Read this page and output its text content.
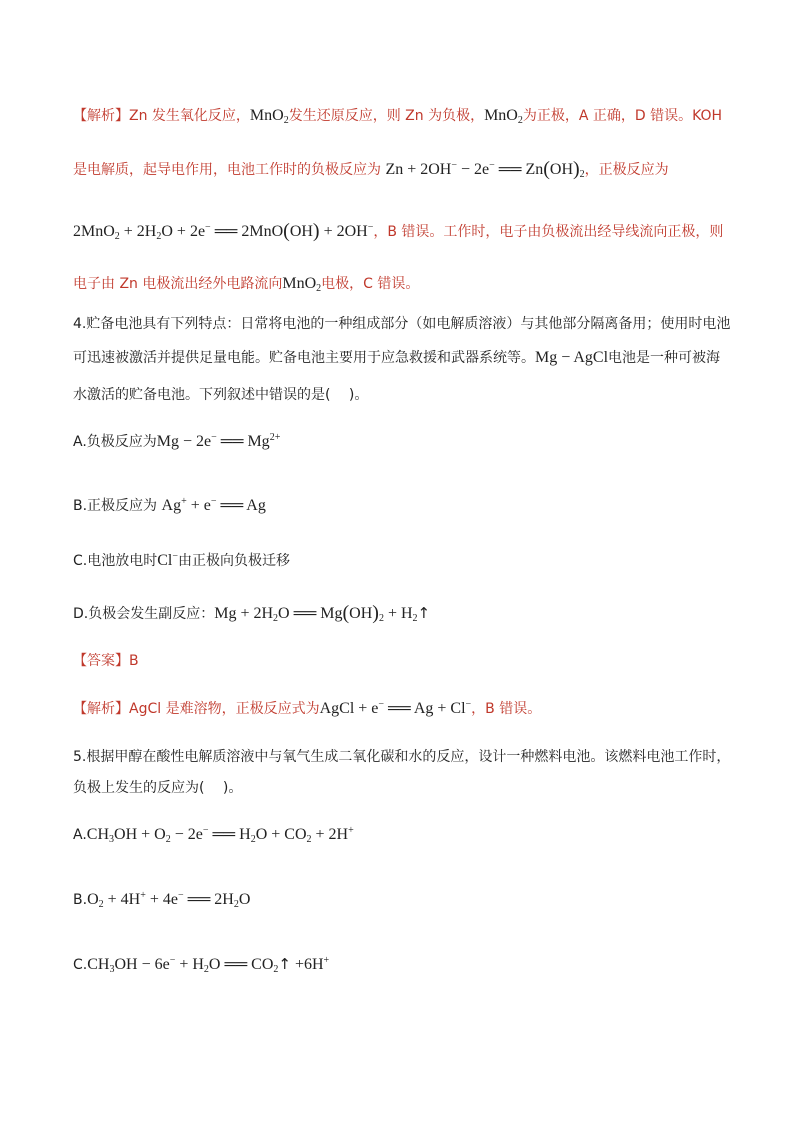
【解析】Zn 发生氧化反应，MnO$_2$发生还原反应，则 Zn 为负极，MnO$_2$为正极，A 正确，D 错误。KOH
是电解质，起导电作用，电池工作时的负极反应为 Zn + 2OH− − 2e− ══ $Zn(OH)_2$，正极反应为
$2MnO_2 + 2H_2O + 2e^-$ ══ 2MnO(OH) + 2OH−，B 错误。工作时，电子由负极流出经导线流向正极，则
电子由 Zn 电极流出经外电路流向MnO$_2$电极，C 错误。
4.贮备电池具有下列特点：日常将电池的一种组成部分（如电解质溶液）与其他部分隔离备用；使用时电池
可迅速被激活并提供足量电能。贮备电池主要用于应急救援和武器系统等。Mg − AgCl电池是一种可被海
水激活的贮备电池。下列叙述中错误的是(　 )。
A.负极反应为Mg − 2e− ══ $Mg^{2+}$
B.正极反应为 Ag+ + e− ══ Ag
C.电池放电时Cl−由正极向负极迁移
D.负极会发生副反应：$Mg + 2H_2O$ ══ $Mg(OH)_2$ + $H_2↑$
【答案】B
【解析】AgCl 是难溶物，正极反应式为AgCl + e− ══ Ag + Cl−，B 错误。
5.根据甲醇在酸性电解质溶液中与氧气生成二氧化碳和水的反应，设计一种燃料电池。该燃料电池工作时，
负极上发生的反应为(　 )。
$A.CH_3OH + O_2 - 2e^-$ ══ $H_2O + CO_2 + 2H^+$
$B.O_2 + 4H^+ + 4e^-$ ══ $2H_2O$
$C.CH_3OH - 6e^- + H_2O$ ══ $CO_2↑ +6H^+$
